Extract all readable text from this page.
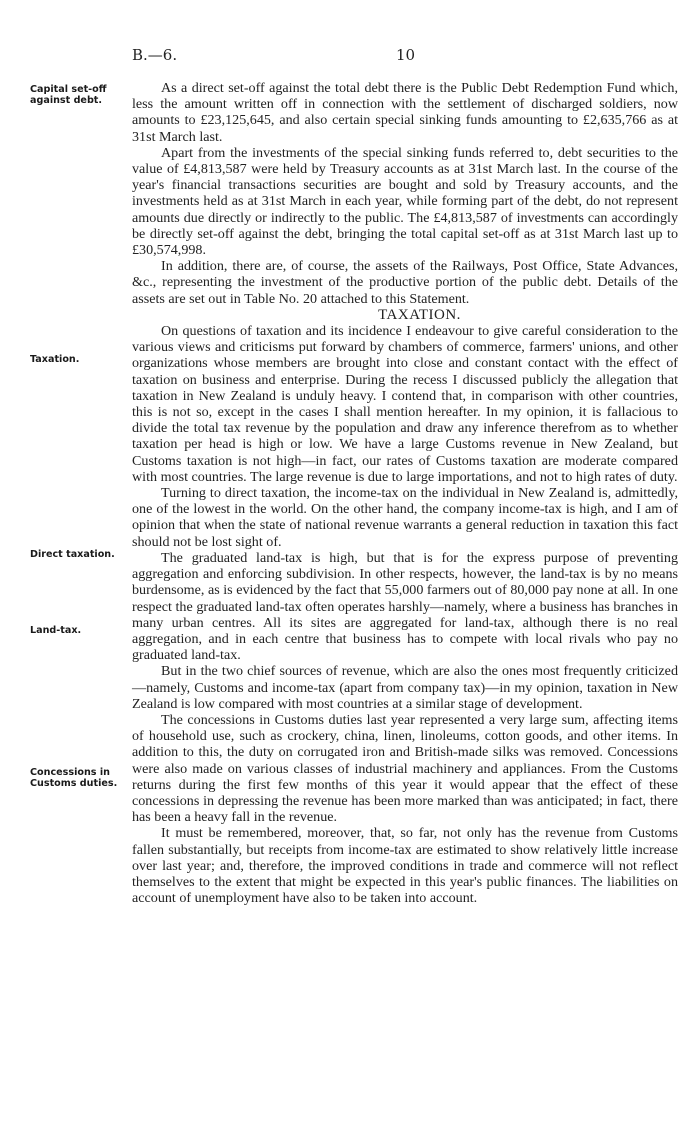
B.—6.	10
Capital set-off against debt.
Taxation.
Direct taxation.
Land-tax.
Concessions in Customs duties.

As a direct set-off against the total debt there is the Public Debt Redemption Fund which, less the amount written off in connection with the settlement of discharged soldiers, now amounts to £23,125,645, and also certain special sinking funds amounting to £2,635,766 as at 31st March last.

Apart from the investments of the special sinking funds referred to, debt securities to the value of £4,813,587 were held by Treasury accounts as at 31st March last. In the course of the year's financial transactions securities are bought and sold by Treasury accounts, and the investments held as at 31st March in each year, while forming part of the debt, do not represent amounts due directly or indirectly to the public. The £4,813,587 of investments can accordingly be directly set-off against the debt, bringing the total capital set-off as at 31st March last up to £30,574,998.

In addition, there are, of course, the assets of the Railways, Post Office, State Advances, &c., representing the investment of the productive portion of the public debt. Details of the assets are set out in Table No. 20 attached to this Statement.

TAXATION.

On questions of taxation and its incidence I endeavour to give careful consideration to the various views and criticisms put forward by chambers of commerce, farmers' unions, and other organizations whose members are brought into close and constant contact with the effect of taxation on business and enterprise. During the recess I discussed publicly the allegation that taxation in New Zealand is unduly heavy. I contend that, in comparison with other countries, this is not so, except in the cases I shall mention hereafter. In my opinion, it is fallacious to divide the total tax revenue by the population and draw any inference therefrom as to whether taxation per head is high or low. We have a large Customs revenue in New Zealand, but Customs taxation is not high—in fact, our rates of Customs taxation are moderate compared with most countries. The large revenue is due to large importations, and not to high rates of duty.

Turning to direct taxation, the income-tax on the individual in New Zealand is, admittedly, one of the lowest in the world. On the other hand, the company income-tax is high, and I am of opinion that when the state of national revenue warrants a general reduction in taxation this fact should not be lost sight of.

The graduated land-tax is high, but that is for the express purpose of preventing aggregation and enforcing subdivision. In other respects, however, the land-tax is by no means burdensome, as is evidenced by the fact that 55,000 farmers out of 80,000 pay none at all. In one respect the graduated land-tax often operates harshly—namely, where a business has branches in many urban centres. All its sites are aggregated for land-tax, although there is no real aggregation, and in each centre that business has to compete with local rivals who pay no graduated land-tax.

But in the two chief sources of revenue, which are also the ones most frequently criticized—namely, Customs and income-tax (apart from company tax)—in my opinion, taxation in New Zealand is low compared with most countries at a similar stage of development.

The concessions in Customs duties last year represented a very large sum, affecting items of household use, such as crockery, china, linen, linoleums, cotton goods, and other items. In addition to this, the duty on corrugated iron and British-made silks was removed. Concessions were also made on various classes of industrial machinery and appliances. From the Customs returns during the first few months of this year it would appear that the effect of these concessions in depressing the revenue has been more marked than was anticipated; in fact, there has been a heavy fall in the revenue.

It must be remembered, moreover, that, so far, not only has the revenue from Customs fallen substantially, but receipts from income-tax are estimated to show relatively little increase over last year; and, therefore, the improved conditions in trade and commerce will not reflect themselves to the extent that might be expected in this year's public finances. The liabilities on account of unemployment have also to be taken into account.
